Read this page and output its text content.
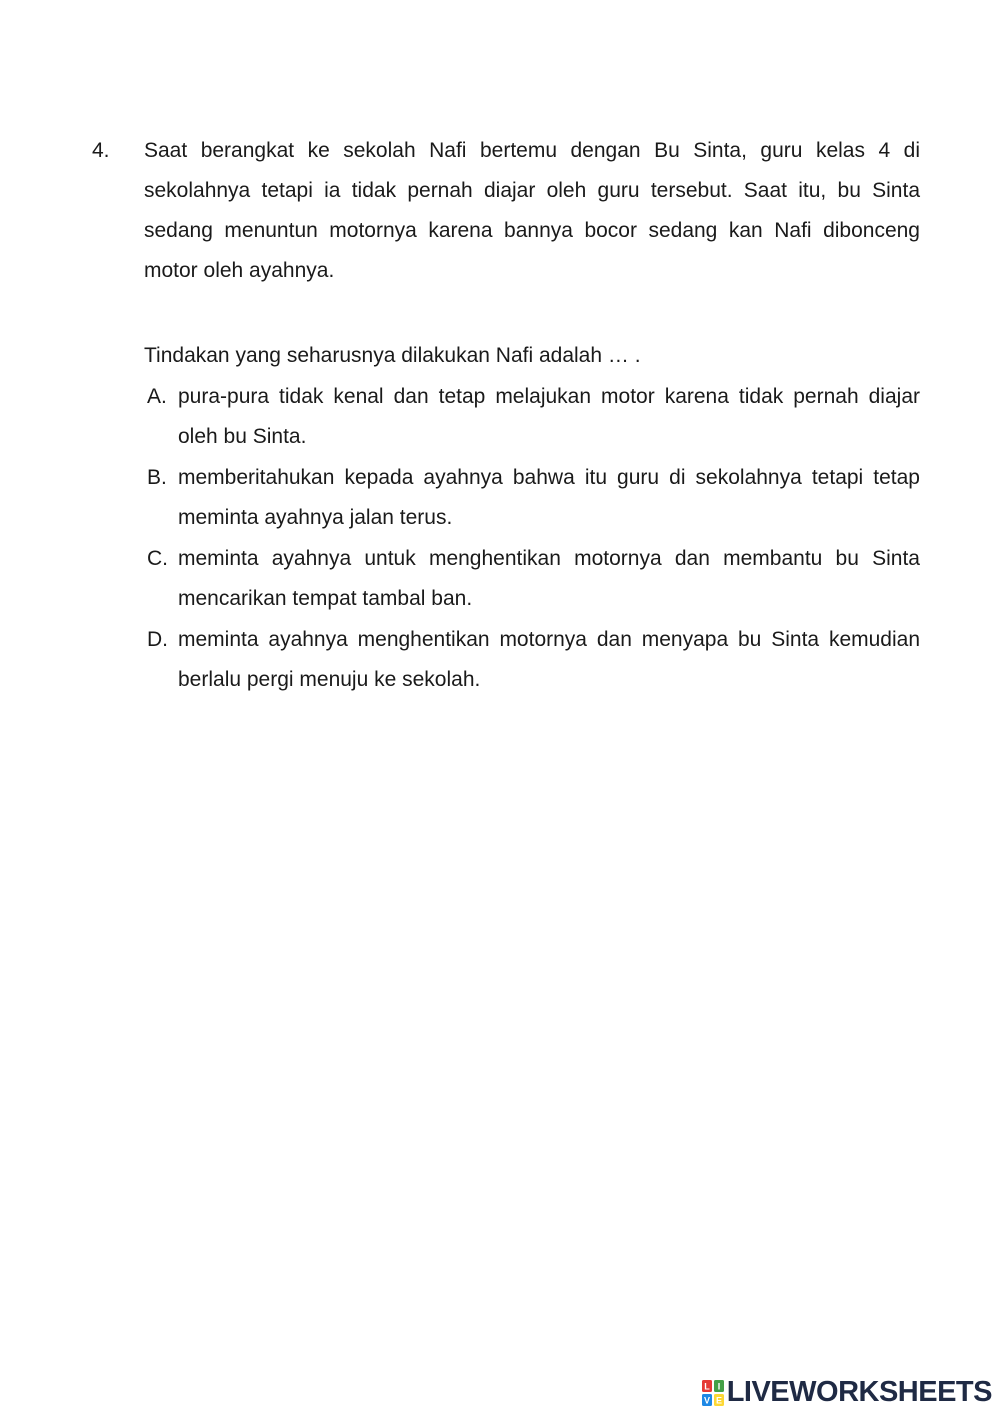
4. Saat berangkat ke sekolah Nafi bertemu dengan Bu Sinta, guru kelas 4 di sekolahnya tetapi ia tidak pernah diajar oleh guru tersebut. Saat itu, bu Sinta sedang menuntun motornya karena bannya bocor sedang kan Nafi dibonceng motor oleh ayahnya.

Tindakan yang seharusnya dilakukan Nafi adalah … .

A. pura-pura tidak kenal dan tetap melajukan motor karena tidak pernah diajar oleh bu Sinta.
B. memberitahukan kepada ayahnya bahwa itu guru di sekolahnya tetapi tetap meminta ayahnya jalan terus.
C. meminta ayahnya untuk menghentikan motornya dan membantu bu Sinta mencarikan tempat tambal ban.
D. meminta ayahnya menghentikan motornya dan menyapa bu Sinta kemudian berlalu pergi menuju ke sekolah.
L I
V E LIVEWORKSHEETS
